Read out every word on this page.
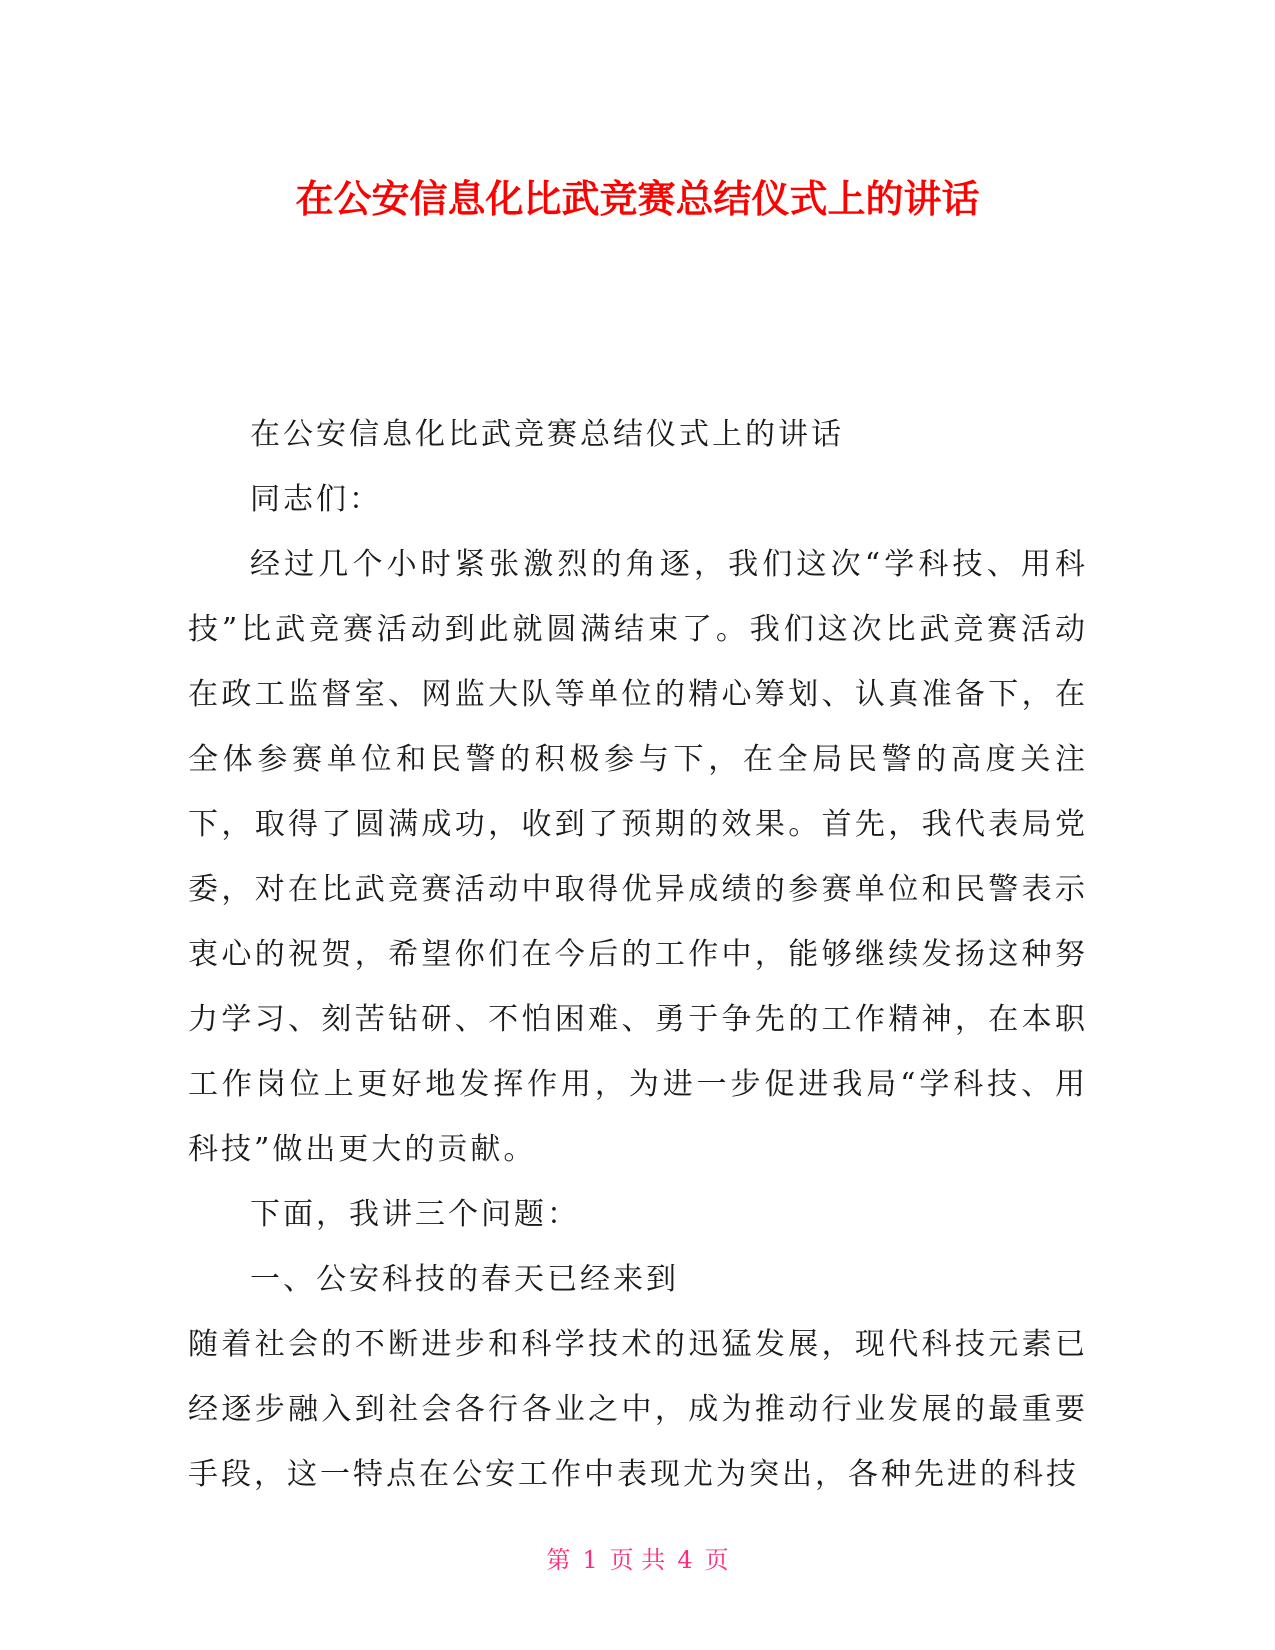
在公安信息化比武竞赛总结仪式上的讲话

在公安信息化比武竞赛总结仪式上的讲话

同志们：

经过几个小时紧张激烈的角逐，我们这次“学科技、用科技”比武竞赛活动到此就圆满结束了。我们这次比武竞赛活动在政工监督室、网监大队等单位的精心筹划、认真准备下，在全体参赛单位和民警的积极参与下，在全局民警的高度关注下，取得了圆满成功，收到了预期的效果。首先，我代表局党委，对在比武竞赛活动中取得优异成绩的参赛单位和民警表示衷心的祝贺，希望你们在今后的工作中，能够继续发扬这种努力学习、刻苦钻研、不怕困难、勇于争先的工作精神，在本职工作岗位上更好地发挥作用，为进一步促进我局“学科技、用科技”做出更大的贡献。

下面，我讲三个问题：

一、公安科技的春天已经来到

随着社会的不断进步和科学技术的迅猛发展，现代科技元素已经逐步融入到社会各行各业之中，成为推动行业发展的最重要手段，这一特点在公安工作中表现尤为突出，各种先进的科技

第 1 页 共 4 页
